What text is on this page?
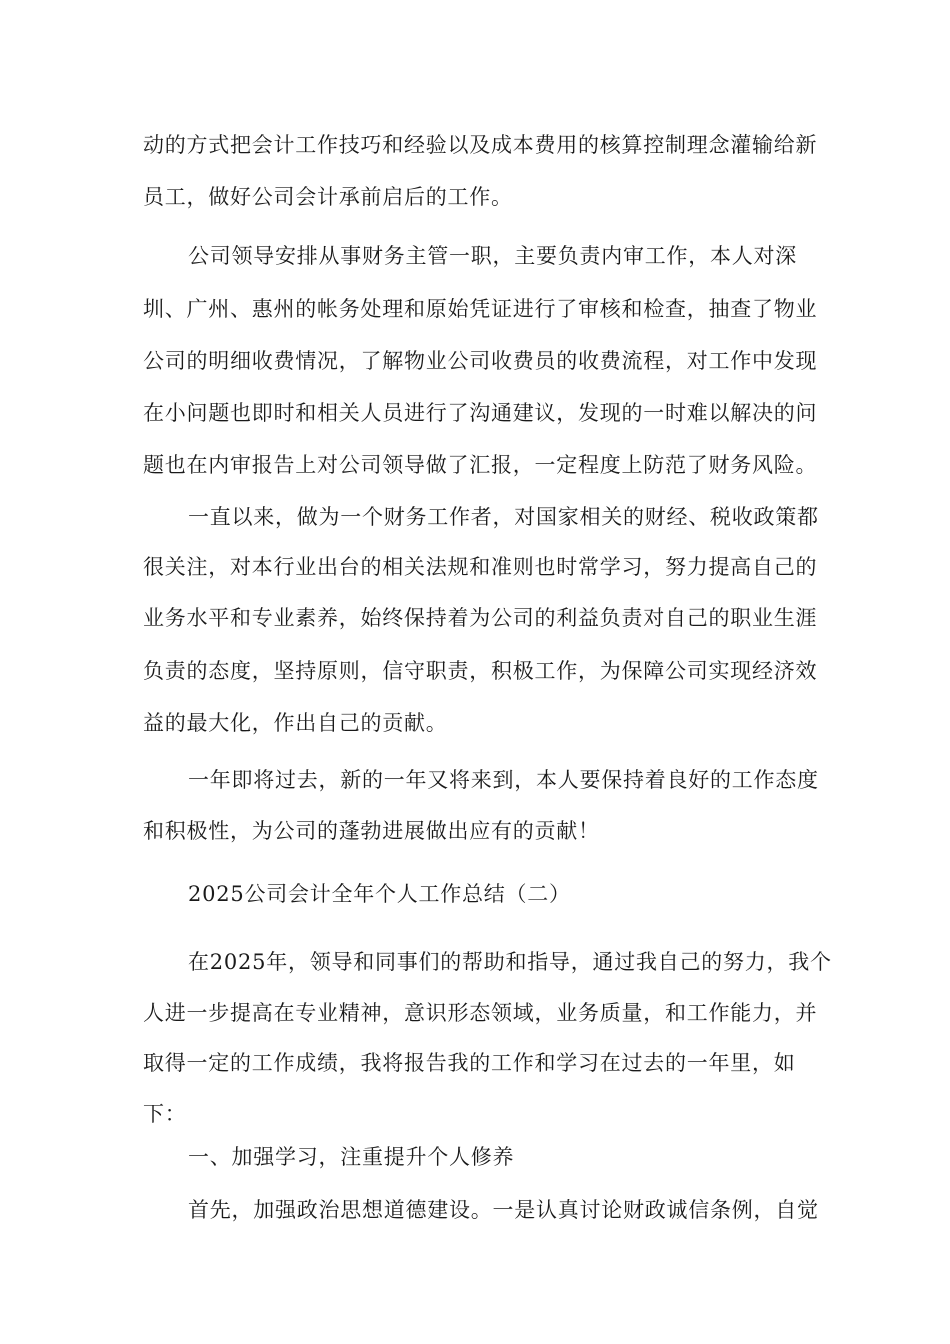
动的方式把会计工作技巧和经验以及成本费用的核算控制理念灌输给新
员工，做好公司会计承前启后的工作。
公司领导安排从事财务主管一职，主要负责内审工作，本人对深
圳、广州、惠州的帐务处理和原始凭证进行了审核和检查，抽查了物业
公司的明细收费情况，了解物业公司收费员的收费流程，对工作中发现
在小问题也即时和相关人员进行了沟通建议，发现的一时难以解决的问
题也在内审报告上对公司领导做了汇报，一定程度上防范了财务风险。
一直以来，做为一个财务工作者，对国家相关的财经、税收政策都
很关注，对本行业出台的相关法规和准则也时常学习，努力提高自己的
业务水平和专业素养，始终保持着为公司的利益负责对自己的职业生涯
负责的态度，坚持原则，信守职责，积极工作，为保障公司实现经济效
益的最大化，作出自己的贡献。
一年即将过去，新的一年又将来到，本人要保持着良好的工作态度
和积极性，为公司的蓬勃进展做出应有的贡献！
2025公司会计全年个人工作总结（二）
在2025年，领导和同事们的帮助和指导，通过我自己的努力，我个
人进一步提高在专业精神，意识形态领域，业务质量，和工作能力，并
取得一定的工作成绩，我将报告我的工作和学习在过去的一年里，如
下：
一、加强学习，注重提升个人修养
首先，加强政治思想道德建设。一是认真讨论财政诚信条例，自觉
